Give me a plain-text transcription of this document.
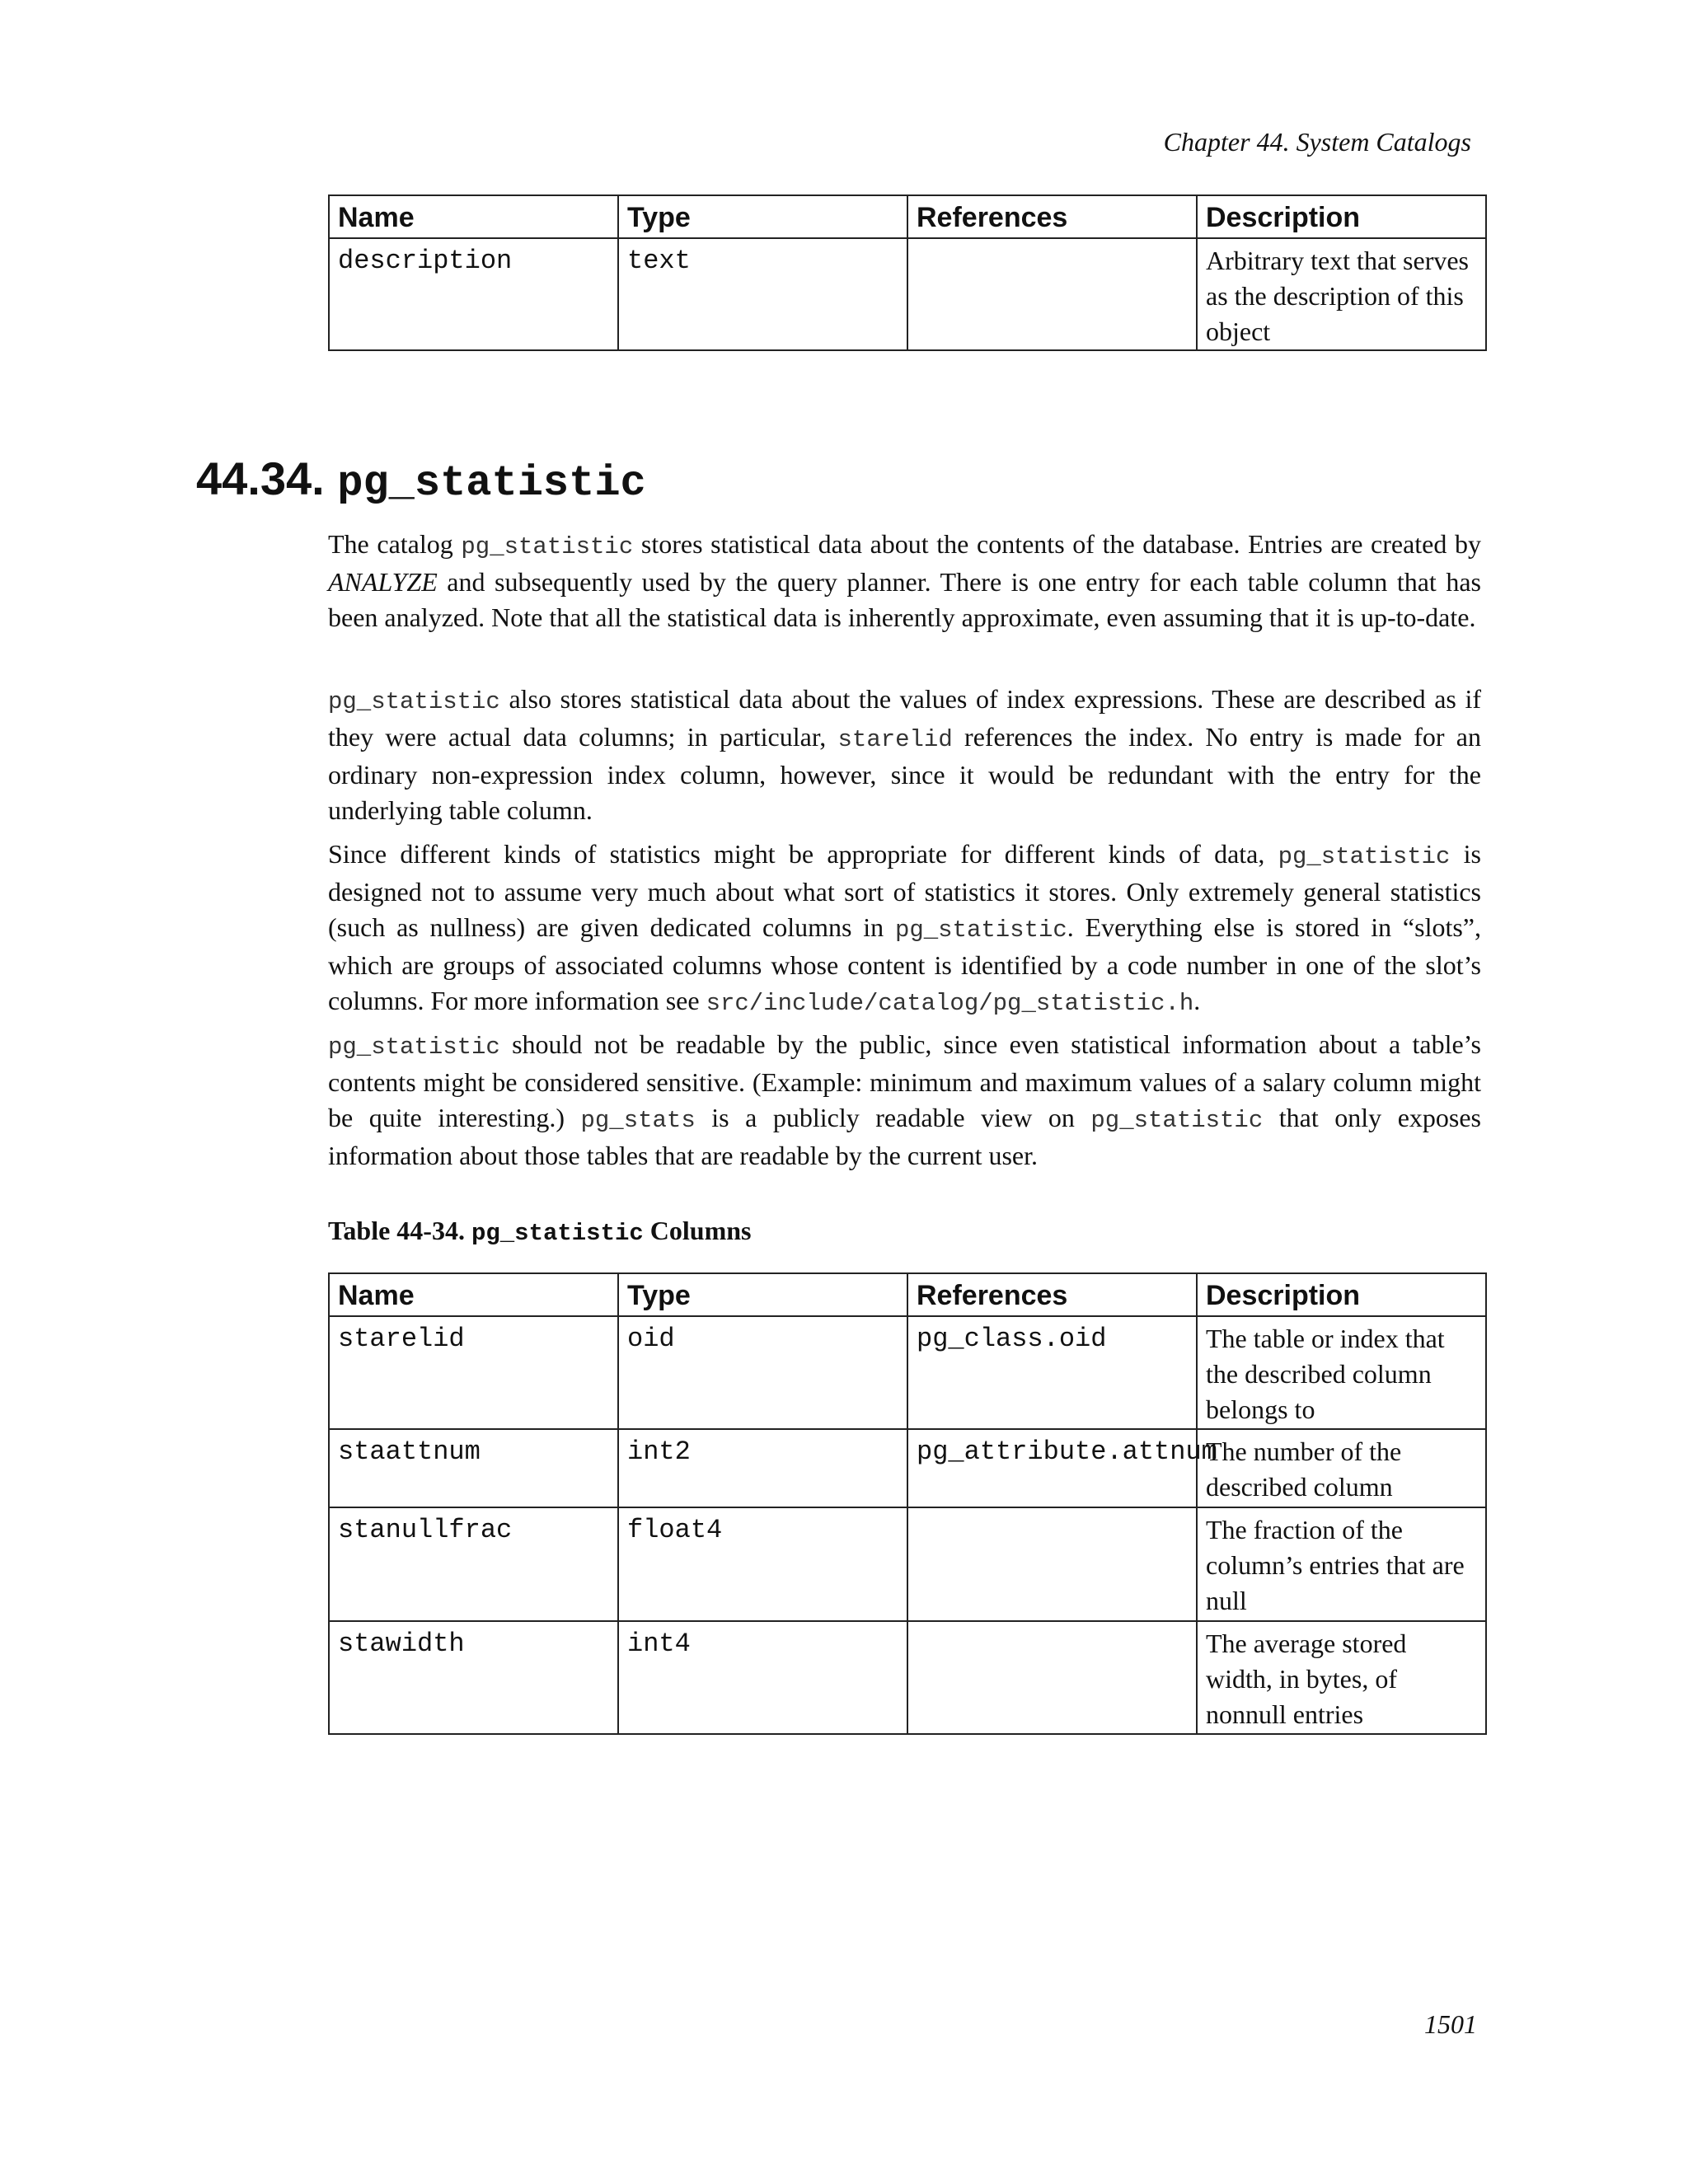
Chapter 44. System Catalogs
Name	Type	References	Description
description	text		Arbitrary text that serves as the description of this object
44.34. pg_statistic

The catalog pg_statistic stores statistical data about the contents of the database. Entries are created by ANALYZE and subsequently used by the query planner. There is one entry for each table column that has been analyzed. Note that all the statistical data is inherently approximate, even assuming that it is up-to-date.

pg_statistic also stores statistical data about the values of index expressions. These are described as if they were actual data columns; in particular, starelid references the index. No entry is made for an ordinary non-expression index column, however, since it would be redundant with the entry for the underlying table column.

Since different kinds of statistics might be appropriate for different kinds of data, pg_statistic is designed not to assume very much about what sort of statistics it stores. Only extremely general statistics (such as nullness) are given dedicated columns in pg_statistic. Everything else is stored in “slots”, which are groups of associated columns whose content is identified by a code number in one of the slot’s columns. For more information see src/include/catalog/pg_statistic.h.

pg_statistic should not be readable by the public, since even statistical information about a table’s contents might be considered sensitive. (Example: minimum and maximum values of a salary column might be quite interesting.) pg_stats is a publicly readable view on pg_statistic that only exposes information about those tables that are readable by the current user.

Table 44-34. pg_statistic Columns

Name	Type	References	Description
starelid	oid	pg_class.oid	The table or index that the described column belongs to
staattnum	int2	pg_attribute.attnum	The number of the described column
stanullfrac	float4		The fraction of the column’s entries that are null
stawidth	int4		The average stored width, in bytes, of nonnull entries
1501
